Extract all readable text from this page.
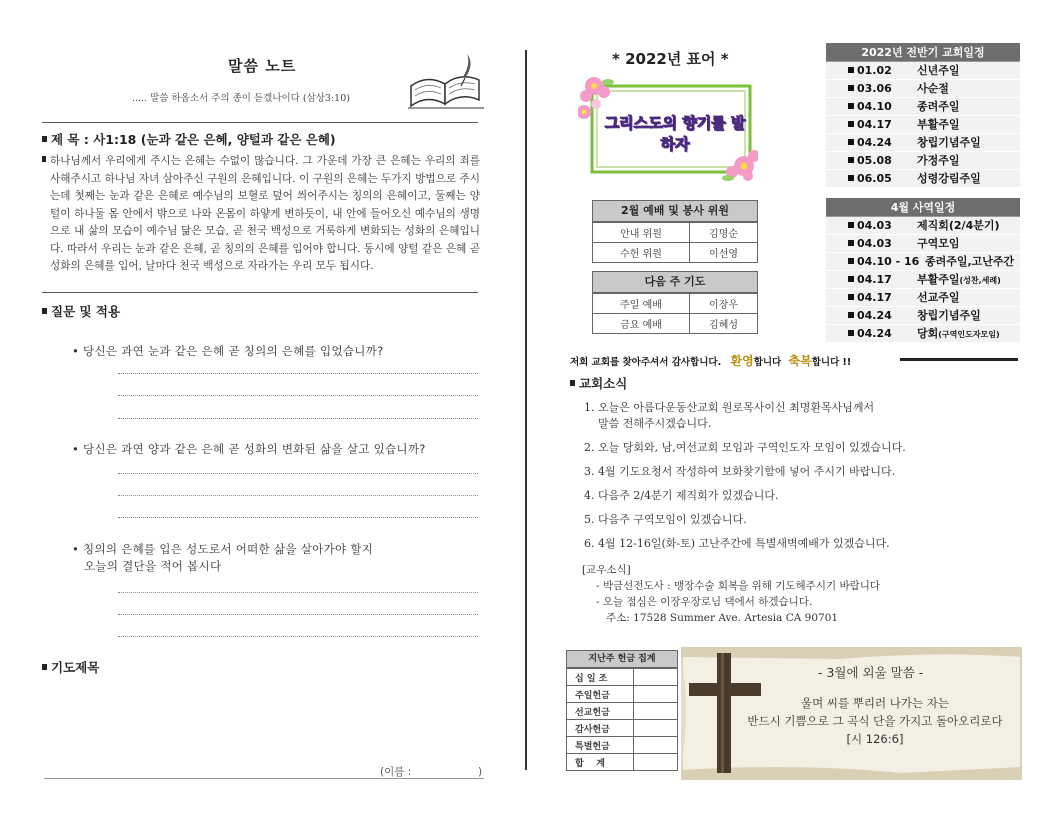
말씀 노트
..... 말씀 하옵소서 주의 종이 듣겠나이다 (삼상3:10)
제 목 : 사1:18 (눈과 같은 은혜, 양털과 같은 은혜)
하나님께서 우리에게 주시는 은혜는 수없이 많습니다. 그 가운데 가장 큰 은혜는 우리의 죄를 사해주시고 하나님 자녀 삼아주신 구원의 은혜입니다. 이 구원의 은혜는 두가지 방법으로 주시는데 첫째는 눈과 같은 은혜로 예수님의 보혈로 덮어 씌어주시는 칭의의 은혜이고, 둘째는 양털이 하나둘 몸 안에서 밖으로 나와 온몸이 하얗게 변하듯이, 내 안에 들어오신 예수님의 생명으로 내 삶의 모습이 예수님 닮은 모습, 곧 천국 백성으로 거룩하게 변화되는 성화의 은혜입니다. 따라서 우리는 눈과 같은 은혜, 곧 칭의의 은혜를 입어야 합니다. 동시에 양털 같은 은혜 곧 성화의 은혜를 입어, 날마다 천국 백성으로 자라가는 우리 모두 됩시다.
질문 및 적용
• 당신은 과연 눈과 같은 은혜 곧 칭의의 은혜를 입었습니까?
• 당신은 과연 양과 같은 은혜 곧 성화의 변화된 삶을 살고 있습니까?
• 칭의의 은혜를 입은 성도로서 어떠한 삶을 살아가야 할지
오늘의 결단을 적어 봅시다
기도제목
(이름 :                    )
* 2022년 표어 *
그리스도의 향기를 발하자
2월 예배 및 봉사 위원
안내 위원	김명순
수헌 위원	이선영
다음 주 기도
주일 예배	이장우
금요 예배	김혜성
2022년 전반기 교회일정
01.02 신년주일
03.06 사순절
04.10 종려주일
04.17 부활주일
04.24 창립기념주일
05.08 가정주일
06.05 성령강림주일
4월 사역일정
04.03 제직회(2/4분기)
04.03 구역모임
04.10 - 16 종려주일,고난주간
04.17 부활주일(성찬,세례)
04.17 선교주일
04.24 창립기념주일
04.24 당회(구역인도자모임)
저희 교회를 찾아주셔서 감사합니다. 환영합니다 축복합니다 !!
교회소식
1. 오늘은 아름다운동산교회 원로목사이신 최명환목사님께서
말씀 전해주시겠습니다.
2. 오늘 당회와, 남,여선교회 모임과 구역인도자 모임이 있겠습니다.
3. 4월 기도요청서 작성하여 보화찾기함에 넣어 주시기 바랍니다.
4. 다음주 2/4분기 제직회가 있겠습니다.
5. 다음주 구역모임이 있겠습니다.
6. 4월 12-16일(화-토) 고난주간에 특별새벽예배가 있겠습니다.
[교우소식]
- 박금선전도사 : 맹장수술 회복을 위해 기도해주시기 바랍니다
- 오늘 점심은 이장우장로님 댁에서 하겠습니다.
주소: 17528 Summer Ave. Artesia CA 90701
지난주 헌금 집계
십 일 조	
주일헌금	
선교헌금	
감사헌금	
특별헌금	
합    계	
- 3월에 외울 말씀 -
울며 씨를 뿌리러 나가는 자는
반드시 기쁨으로 그 곡식 단을 가지고 돌아오리로다
[시 126:6]
